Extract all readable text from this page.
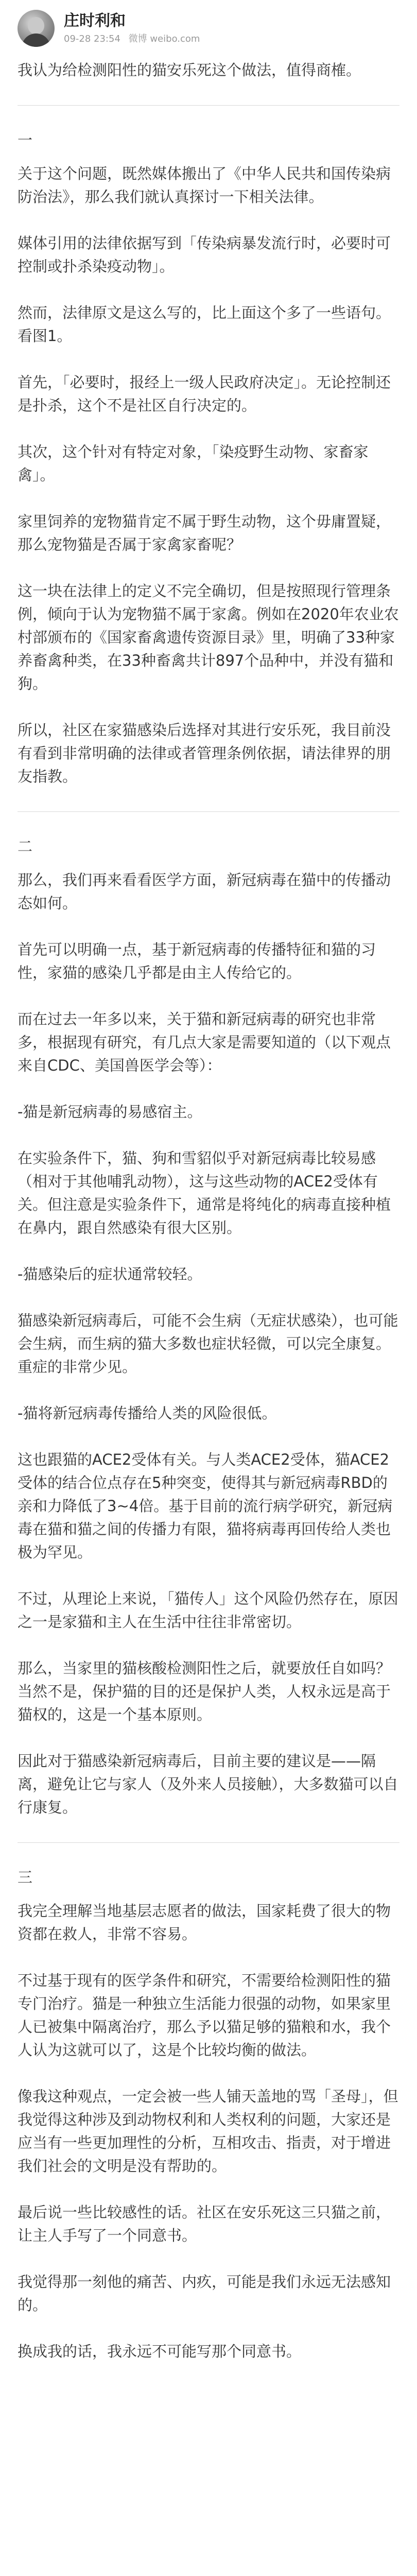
庄时利和
09-28 23:54 微博 weibo.com

我认为给检测阳性的猫安乐死这个做法，值得商榷。

一

关于这个问题，既然媒体搬出了《中华人民共和国传染病防治法》，那么我们就认真探讨一下相关法律。

媒体引用的法律依据写到「传染病暴发流行时，必要时可控制或扑杀染疫动物」。

然而，法律原文是这么写的，比上面这个多了一些语句。看图1。

首先，「必要时，报经上一级人民政府决定」。无论控制还是扑杀，这个不是社区自行决定的。

其次，这个针对有特定对象，「染疫野生动物、家畜家禽」。

家里饲养的宠物猫肯定不属于野生动物，这个毋庸置疑，那么宠物猫是否属于家禽家畜呢？

这一块在法律上的定义不完全确切，但是按照现行管理条例，倾向于认为宠物猫不属于家禽。例如在2020年农业农村部颁布的《国家畜禽遗传资源目录》里，明确了33种家养畜禽种类，在33种畜禽共计897个品种中，并没有猫和狗。

所以，社区在家猫感染后选择对其进行安乐死，我目前没有看到非常明确的法律或者管理条例依据，请法律界的朋友指教。

二

那么，我们再来看看医学方面，新冠病毒在猫中的传播动态如何。

首先可以明确一点，基于新冠病毒的传播特征和猫的习性，家猫的感染几乎都是由主人传给它的。

而在过去一年多以来，关于猫和新冠病毒的研究也非常多，根据现有研究，有几点大家是需要知道的（以下观点来自CDC、美国兽医学会等）：

-猫是新冠病毒的易感宿主。

在实验条件下，猫、狗和雪貂似乎对新冠病毒比较易感（相对于其他哺乳动物），这与这些动物的ACE2受体有关。但注意是实验条件下，通常是将纯化的病毒直接种植在鼻内，跟自然感染有很大区别。

-猫感染后的症状通常较轻。

猫感染新冠病毒后，可能不会生病（无症状感染），也可能会生病，而生病的猫大多数也症状轻微，可以完全康复。重症的非常少见。

-猫将新冠病毒传播给人类的风险很低。

这也跟猫的ACE2受体有关。与人类ACE2受体，猫ACE2受体的结合位点存在5种突变，使得其与新冠病毒RBD的亲和力降低了3~4倍。基于目前的流行病学研究，新冠病毒在猫和猫之间的传播力有限，猫将病毒再回传给人类也极为罕见。

不过，从理论上来说，「猫传人」这个风险仍然存在，原因之一是家猫和主人在生活中往往非常密切。

那么，当家里的猫核酸检测阳性之后，就要放任自如吗？当然不是，保护猫的目的还是保护人类，人权永远是高于猫权的，这是一个基本原则。

因此对于猫感染新冠病毒后，目前主要的建议是——隔离，避免让它与家人（及外来人员接触），大多数猫可以自行康复。

三

我完全理解当地基层志愿者的做法，国家耗费了很大的物资都在救人，非常不容易。

不过基于现有的医学条件和研究，不需要给检测阳性的猫专门治疗。猫是一种独立生活能力很强的动物，如果家里人已被集中隔离治疗，那么予以猫足够的猫粮和水，我个人认为这就可以了，这是个比较均衡的做法。

像我这种观点，一定会被一些人铺天盖地的骂「圣母」，但我觉得这种涉及到动物权利和人类权利的问题，大家还是应当有一些更加理性的分析，互相攻击、指责，对于增进我们社会的文明是没有帮助的。

最后说一些比较感性的话。社区在安乐死这三只猫之前，让主人手写了一个同意书。

我觉得那一刻他的痛苦、内疚，可能是我们永远无法感知的。

换成我的话，我永远不可能写那个同意书。
